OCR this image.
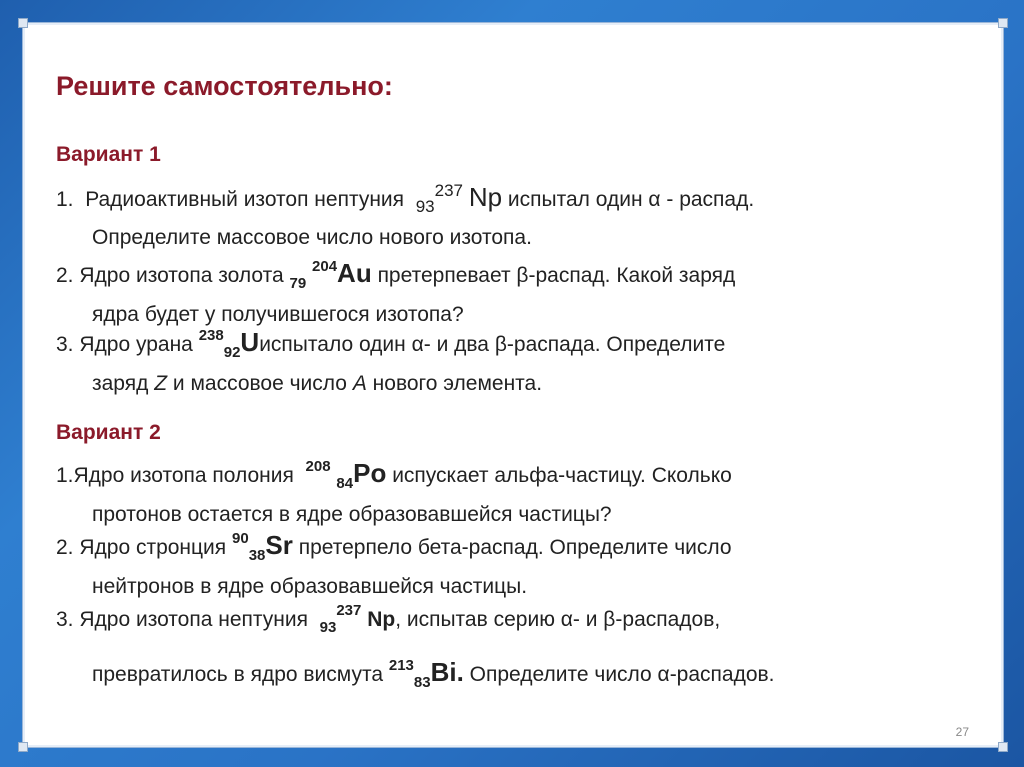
Решите самостоятельно:
Вариант 1
1. Радиоактивный изотоп нептуния $_{93}^{237}$ Np испытал один α - распад.
Определите массовое число нового изотопа.
2. Ядро изотопа золота $_{79}$ $^{204}$Au претерпевает β-распад. Какой заряд
ядра будет у получившегося изотопа?
3. Ядро урана $^{238}_{92}$Uиспытало один α- и два β-распада. Определите
заряд Z и массовое число A нового элемента.
Вариант 2
1.Ядро изотопа полония $^{208}$ $_{84}$Po испускает альфа-частицу. Сколько
протонов остается в ядре образовавшейся частицы?
2. Ядро стронция $^{90}_{38}$Sr претерпело бета-распад. Определите число
нейтронов в ядре образовавшейся частицы.
3. Ядро изотопа нептуния $_{93}^{237}$ Np, испытав серию α- и β-распадов,
превратилось в ядро висмута $^{213}_{83}$Bi. Определите число α-распадов.
27
